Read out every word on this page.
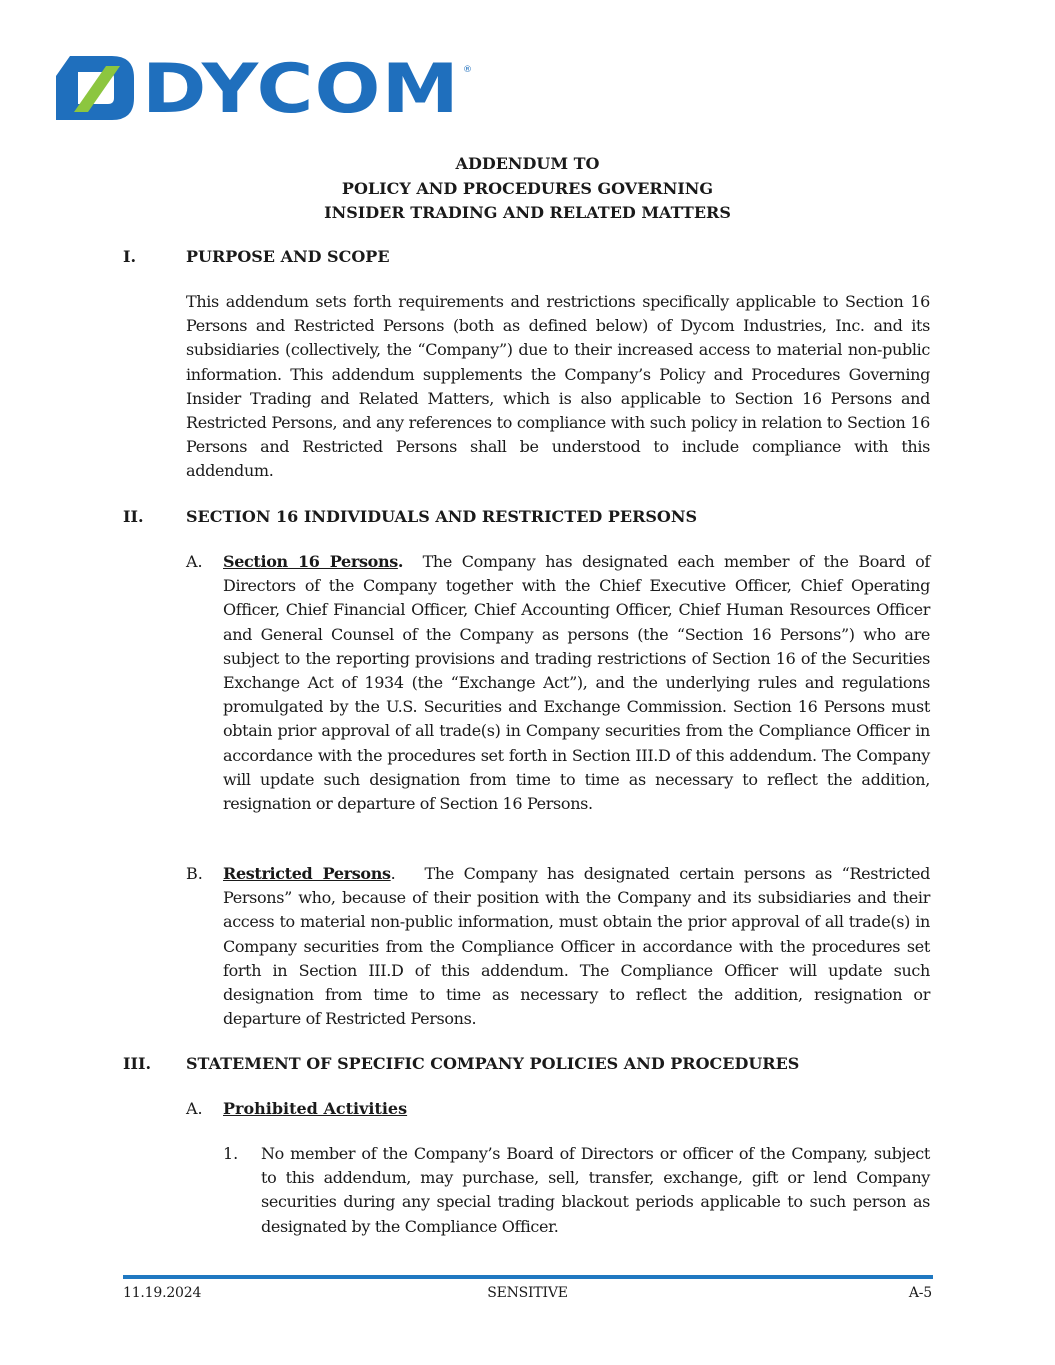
DYCOM ®
ADDENDUM TO
POLICY AND PROCEDURES GOVERNING
INSIDER TRADING AND RELATED MATTERS
I.	PURPOSE AND SCOPE
This addendum sets forth requirements and restrictions specifically applicable to Section 16 Persons and Restricted Persons (both as defined below) of Dycom Industries, Inc. and its subsidiaries (collectively, the “Company”) due to their increased access to material non-public information. This addendum supplements the Company’s Policy and Procedures Governing Insider Trading and Related Matters, which is also applicable to Section 16 Persons and Restricted Persons, and any references to compliance with such policy in relation to Section 16 Persons and Restricted Persons shall be understood to include compliance with this addendum.
II.	SECTION 16 INDIVIDUALS AND RESTRICTED PERSONS
A. Section 16 Persons. The Company has designated each member of the Board of Directors of the Company together with the Chief Executive Officer, Chief Operating Officer, Chief Financial Officer, Chief Accounting Officer, Chief Human Resources Officer and General Counsel of the Company as persons (the “Section 16 Persons”) who are subject to the reporting provisions and trading restrictions of Section 16 of the Securities Exchange Act of 1934 (the “Exchange Act”), and the underlying rules and regulations promulgated by the U.S. Securities and Exchange Commission. Section 16 Persons must obtain prior approval of all trade(s) in Company securities from the Compliance Officer in accordance with the procedures set forth in Section III.D of this addendum. The Company will update such designation from time to time as necessary to reflect the addition, resignation or departure of Section 16 Persons.
B. Restricted Persons. The Company has designated certain persons as “Restricted Persons” who, because of their position with the Company and its subsidiaries and their access to material non-public information, must obtain the prior approval of all trade(s) in Company securities from the Compliance Officer in accordance with the procedures set forth in Section III.D of this addendum. The Compliance Officer will update such designation from time to time as necessary to reflect the addition, resignation or departure of Restricted Persons.
III. STATEMENT OF SPECIFIC COMPANY POLICIES AND PROCEDURES
A. Prohibited Activities
1. No member of the Company’s Board of Directors or officer of the Company, subject to this addendum, may purchase, sell, transfer, exchange, gift or lend Company securities during any special trading blackout periods applicable to such person as designated by the Compliance Officer.
11.19.2024	SENSITIVE	A-5
